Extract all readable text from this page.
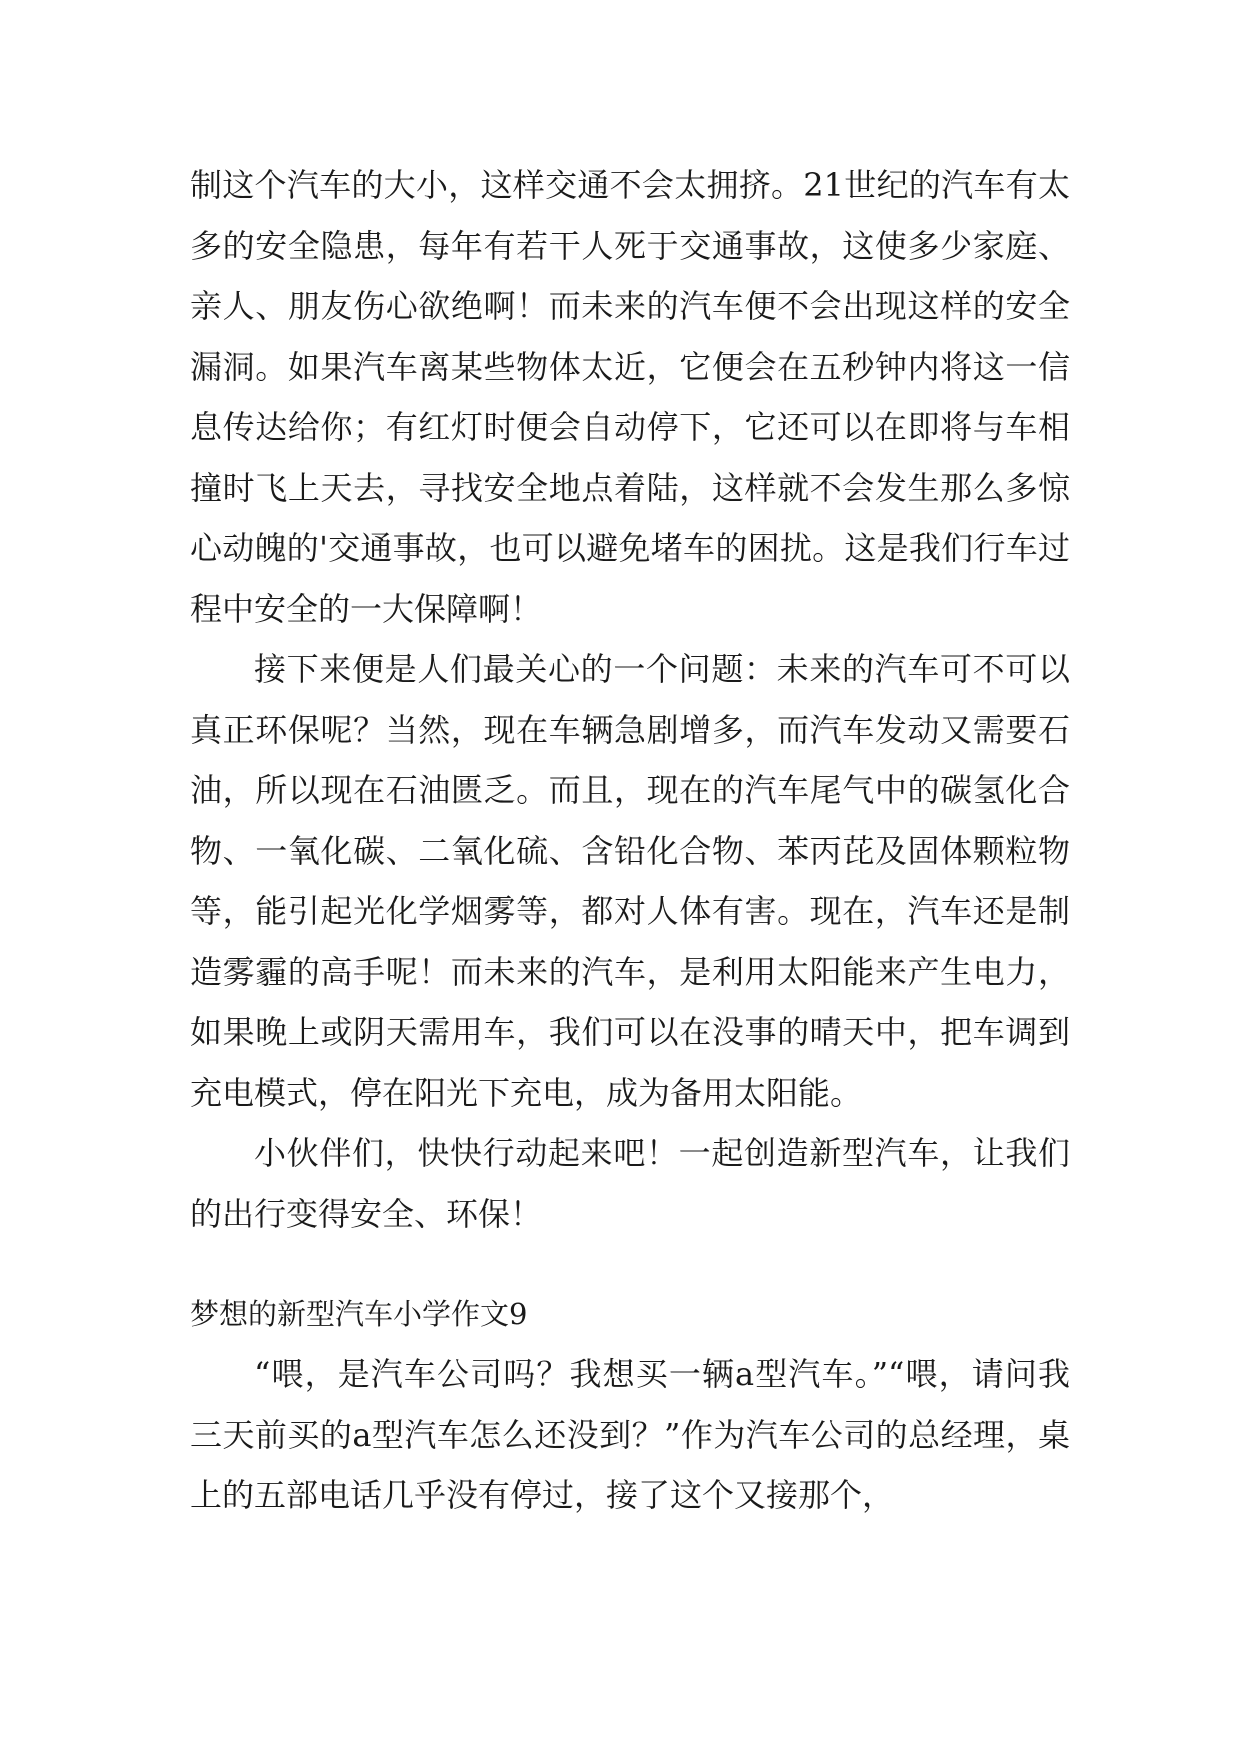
制这个汽车的大小，这样交通不会太拥挤。21世纪的汽车有太多的安全隐患，每年有若干人死于交通事故，这使多少家庭、亲人、朋友伤心欲绝啊！而未来的汽车便不会出现这样的安全漏洞。如果汽车离某些物体太近，它便会在五秒钟内将这一信息传达给你；有红灯时便会自动停下，它还可以在即将与车相撞时飞上天去，寻找安全地点着陆，这样就不会发生那么多惊心动魄的'交通事故，也可以避免堵车的困扰。这是我们行车过程中安全的一大保障啊！

接下来便是人们最关心的一个问题：未来的汽车可不可以真正环保呢？当然，现在车辆急剧增多，而汽车发动又需要石油，所以现在石油匮乏。而且，现在的汽车尾气中的碳氢化合物、一氧化碳、二氧化硫、含铅化合物、苯丙芘及固体颗粒物等，能引起光化学烟雾等，都对人体有害。现在，汽车还是制造雾霾的高手呢！而未来的汽车，是利用太阳能来产生电力，如果晚上或阴天需用车，我们可以在没事的晴天中，把车调到充电模式，停在阳光下充电，成为备用太阳能。

小伙伴们，快快行动起来吧！一起创造新型汽车，让我们的出行变得安全、环保！

梦想的新型汽车小学作文9

“喂，是汽车公司吗？我想买一辆a型汽车。”“喂，请问我三天前买的a型汽车怎么还没到？”作为汽车公司的总经理，桌上的五部电话几乎没有停过，接了这个又接那个，
